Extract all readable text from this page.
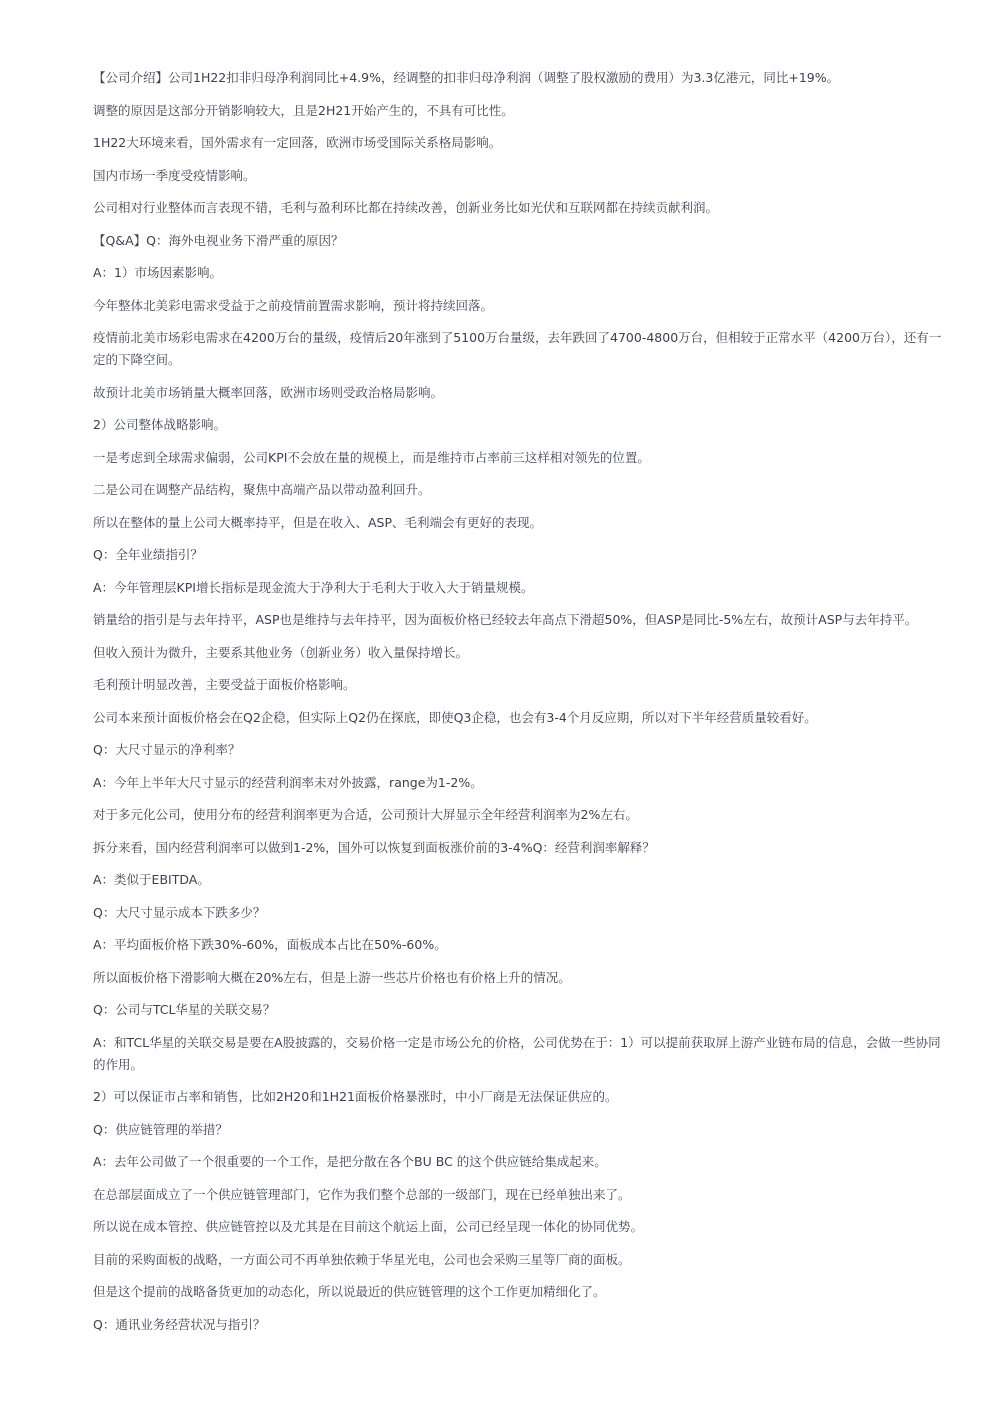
【公司介绍】公司1H22扣非归母净利润同比+4.9%，经调整的扣非归母净利润（调整了股权激励的费用）为3.3亿港元，同比+19%。

调整的原因是这部分开销影响较大，且是2H21开始产生的，不具有可比性。

1H22大环境来看，国外需求有一定回落，欧洲市场受国际关系格局影响。

国内市场一季度受疫情影响。

公司相对行业整体而言表现不错，毛利与盈利环比都在持续改善，创新业务比如光伏和互联网都在持续贡献利润。

【Q&A】Q：海外电视业务下滑严重的原因？

A：1）市场因素影响。

今年整体北美彩电需求受益于之前疫情前置需求影响，预计将持续回落。

疫情前北美市场彩电需求在4200万台的量级，疫情后20年涨到了5100万台量级，去年跌回了4700-4800万台，但相较于正常水平（4200万台），还有一定的下降空间。

故预计北美市场销量大概率回落，欧洲市场则受政治格局影响。

2）公司整体战略影响。

一是考虑到全球需求偏弱，公司KPI不会放在量的规模上，而是维持市占率前三这样相对领先的位置。

二是公司在调整产品结构，聚焦中高端产品以带动盈利回升。

所以在整体的量上公司大概率持平，但是在收入、ASP、毛利端会有更好的表现。

Q：全年业绩指引？

A：今年管理层KPI增长指标是现金流大于净利大于毛利大于收入大于销量规模。

销量给的指引是与去年持平，ASP也是维持与去年持平，因为面板价格已经较去年高点下滑超50%，但ASP是同比-5%左右，故预计ASP与去年持平。

但收入预计为微升，主要系其他业务（创新业务）收入量保持增长。

毛利预计明显改善，主要受益于面板价格影响。

公司本来预计面板价格会在Q2企稳，但实际上Q2仍在探底，即使Q3企稳，也会有3-4个月反应期，所以对下半年经营质量较看好。

Q：大尺寸显示的净利率？

A：今年上半年大尺寸显示的经营利润率未对外披露，range为1-2%。

对于多元化公司，使用分布的经营利润率更为合适，公司预计大屏显示全年经营利润率为2%左右。

拆分来看，国内经营利润率可以做到1-2%，国外可以恢复到面板涨价前的3-4%Q：经营利润率解释？

A：类似于EBITDA。

Q：大尺寸显示成本下跌多少？

A：平均面板价格下跌30%-60%，面板成本占比在50%-60%。

所以面板价格下滑影响大概在20%左右，但是上游一些芯片价格也有价格上升的情况。

Q：公司与TCL华星的关联交易？

A：和TCL华星的关联交易是要在A股披露的，交易价格一定是市场公允的价格，公司优势在于：1）可以提前获取屏上游产业链布局的信息，会做一些协同的作用。

2）可以保证市占率和销售，比如2H20和1H21面板价格暴涨时，中小厂商是无法保证供应的。

Q：供应链管理的举措？

A：去年公司做了一个很重要的一个工作，是把分散在各个BU BC 的这个供应链给集成起来。

在总部层面成立了一个供应链管理部门，它作为我们整个总部的一级部门，现在已经单独出来了。

所以说在成本管控、供应链管控以及尤其是在目前这个航运上面，公司已经呈现一体化的协同优势。

目前的采购面板的战略，一方面公司不再单独依赖于华星光电，公司也会采购三星等厂商的面板。

但是这个提前的战略备货更加的动态化，所以说最近的供应链管理的这个工作更加精细化了。

Q：通讯业务经营状况与指引？
